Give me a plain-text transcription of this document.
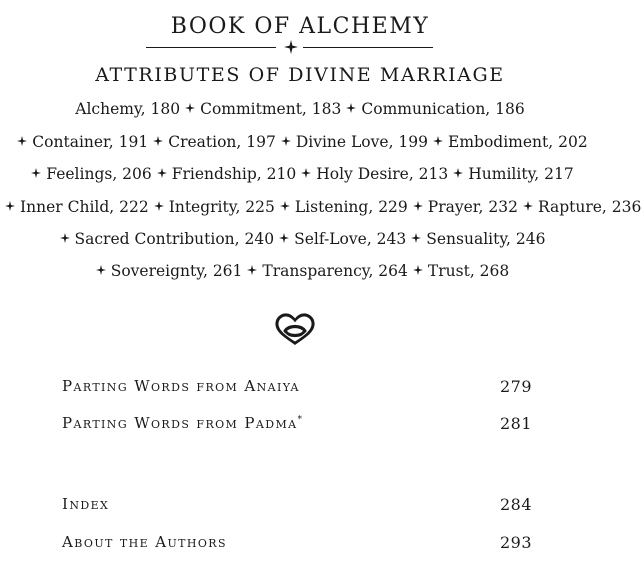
BOOK OF ALCHEMY
ATTRIBUTES OF DIVINE MARRIAGE
Alchemy, 180 Commitment, 183 Communication, 186
Container, 191 Creation, 197 Divine Love, 199 Embodiment, 202
Feelings, 206 Friendship, 210 Holy Desire, 213 Humility, 217
Inner Child, 222 Integrity, 225 Listening, 229 Prayer, 232 Rapture, 236
Sacred Contribution, 240 Self-Love, 243 Sensuality, 246
Sovereignty, 261 Transparency, 264 Trust, 268
Parting Words from Anaiya	279
Parting Words from Padma*	281
Index	284
About the Authors	293
